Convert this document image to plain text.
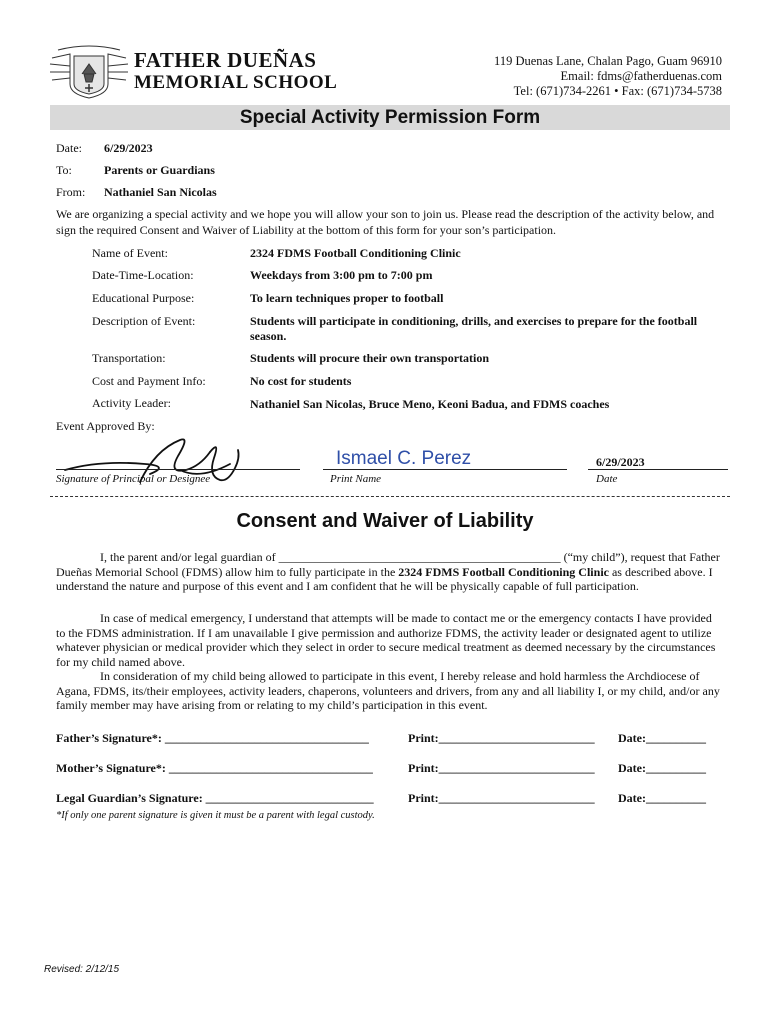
FATHER DUEÑAS
MEMORIAL SCHOOL
119 Duenas Lane, Chalan Pago, Guam 96910
Email: fdms@fatherduenas.com
Tel: (671)734-2261 • Fax: (671)734-5738
Special Activity Permission Form
Date: 6/29/2023
To:	Parents or Guardians
From: Nathaniel San Nicolas
We are organizing a special activity and we hope you will allow your son to join us. Please read the description of the activity below, and sign the required Consent and Waiver of Liability at the bottom of this form for your son’s participation.
Name of Event:	2324 FDMS Football Conditioning Clinic
Date-Time-Location:	Weekdays from 3:00 pm to 7:00 pm
Educational Purpose:	To learn techniques proper to football
Description of Event:	Students will participate in conditioning, drills, and exercises to prepare for the football season.
Transportation:	Students will procure their own transportation
Cost and Payment Info:	No cost for students
Activity Leader:	Nathaniel San Nicolas, Bruce Meno, Keoni Badua, and FDMS coaches
Event Approved By:
Signature of Principal or Designee
Ismael C. Perez
Print Name
6/29/2023
Date
Consent and Waiver of Liability
I, the parent and/or legal guardian of _______________________________________________ (“my child”), request that Father Dueñas Memorial School (FDMS) allow him to fully participate in the 2324 FDMS Football Conditioning Clinic as described above. I understand the nature and purpose of this event and I am confident that he will be physically capable of full participation.
In case of medical emergency, I understand that attempts will be made to contact me or the emergency contacts I have provided to the FDMS administration. If I am unavailable I give permission and authorize FDMS, the activity leader or designated agent to utilize whatever physician or medical provider which they select in order to secure medical treatment as deemed necessary by the circumstances for my child named above.
In consideration of my child being allowed to participate in this event, I hereby release and hold harmless the Archdiocese of Agana, FDMS, its/their employees, activity leaders, chaperons, volunteers and drivers, from any and all liability I, or my child, and/or any family member may have arising from or relating to my child’s participation in this event.
Father’s Signature*: __________________________________	Print:__________________________ Date:__________
Mother’s Signature*: __________________________________	Print:__________________________ Date:__________
Legal Guardian’s Signature: ____________________________	Print:__________________________ Date:__________
*If only one parent signature is given it must be a parent with legal custody.
Revised: 2/12/15
